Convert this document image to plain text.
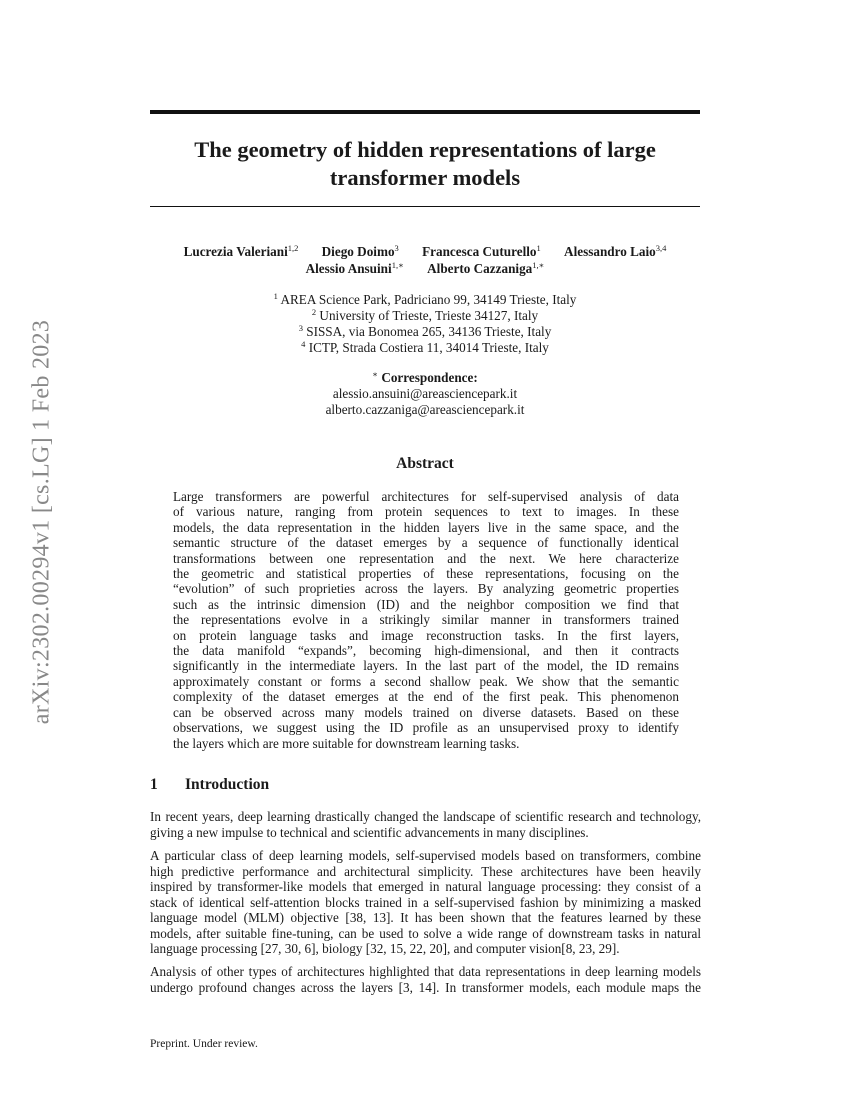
arXiv:2302.00294v1 [cs.LG] 1 Feb 2023
The geometry of hidden representations of large
transformer models
Lucrezia Valeriani$^{1,2}$ Diego Doimo$^3$ Francesca Cuturello$^1$ Alessandro Laio$^{3,4}$
Alessio Ansuini$^{1,∗}$ Alberto Cazzaniga$^{1,∗}$
$^1$ AREA Science Park, Padriciano 99, 34149 Trieste, Italy
$^2$ University of Trieste, Trieste 34127, Italy
$^3$ SISSA, via Bonomea 265, 34136 Trieste, Italy
$^4$ ICTP, Strada Costiera 11, 34014 Trieste, Italy
∗ Correspondence:
alessio.ansuini@areasciencepark.it
alberto.cazzaniga@areasciencepark.it
Abstract
Large transformers are powerful architectures for self-supervised analysis of data
of various nature, ranging from protein sequences to text to images. In these
models, the data representation in the hidden layers live in the same space, and the
semantic structure of the dataset emerges by a sequence of functionally identical
transformations between one representation and the next. We here characterize
the geometric and statistical properties of these representations, focusing on the
“evolution” of such proprieties across the layers. By analyzing geometric properties
such as the intrinsic dimension (ID) and the neighbor composition we find that
the representations evolve in a strikingly similar manner in transformers trained
on protein language tasks and image reconstruction tasks. In the first layers,
the data manifold “expands”, becoming high-dimensional, and then it contracts
significantly in the intermediate layers. In the last part of the model, the ID remains
approximately constant or forms a second shallow peak. We show that the semantic
complexity of the dataset emerges at the end of the first peak. This phenomenon
can be observed across many models trained on diverse datasets. Based on these
observations, we suggest using the ID profile as an unsupervised proxy to identify
the layers which are more suitable for downstream learning tasks.
1 Introduction
In recent years, deep learning drastically changed the landscape of scientific research and technology,
giving a new impulse to technical and scientific advancements in many disciplines.
A particular class of deep learning models, self-supervised models based on transformers, combine
high predictive performance and architectural simplicity. These architectures have been heavily
inspired by transformer-like models that emerged in natural language processing: they consist of a
stack of identical self-attention blocks trained in a self-supervised fashion by minimizing a masked
language model (MLM) objective [38, 13]. It has been shown that the features learned by these
models, after suitable fine-tuning, can be used to solve a wide range of downstream tasks in natural
language processing [27, 30, 6], biology [32, 15, 22, 20], and computer vision[8, 23, 29].
Analysis of other types of architectures highlighted that data representations in deep learning models
undergo profound changes across the layers [3, 14]. In transformer models, each module maps the
Preprint. Under review.
